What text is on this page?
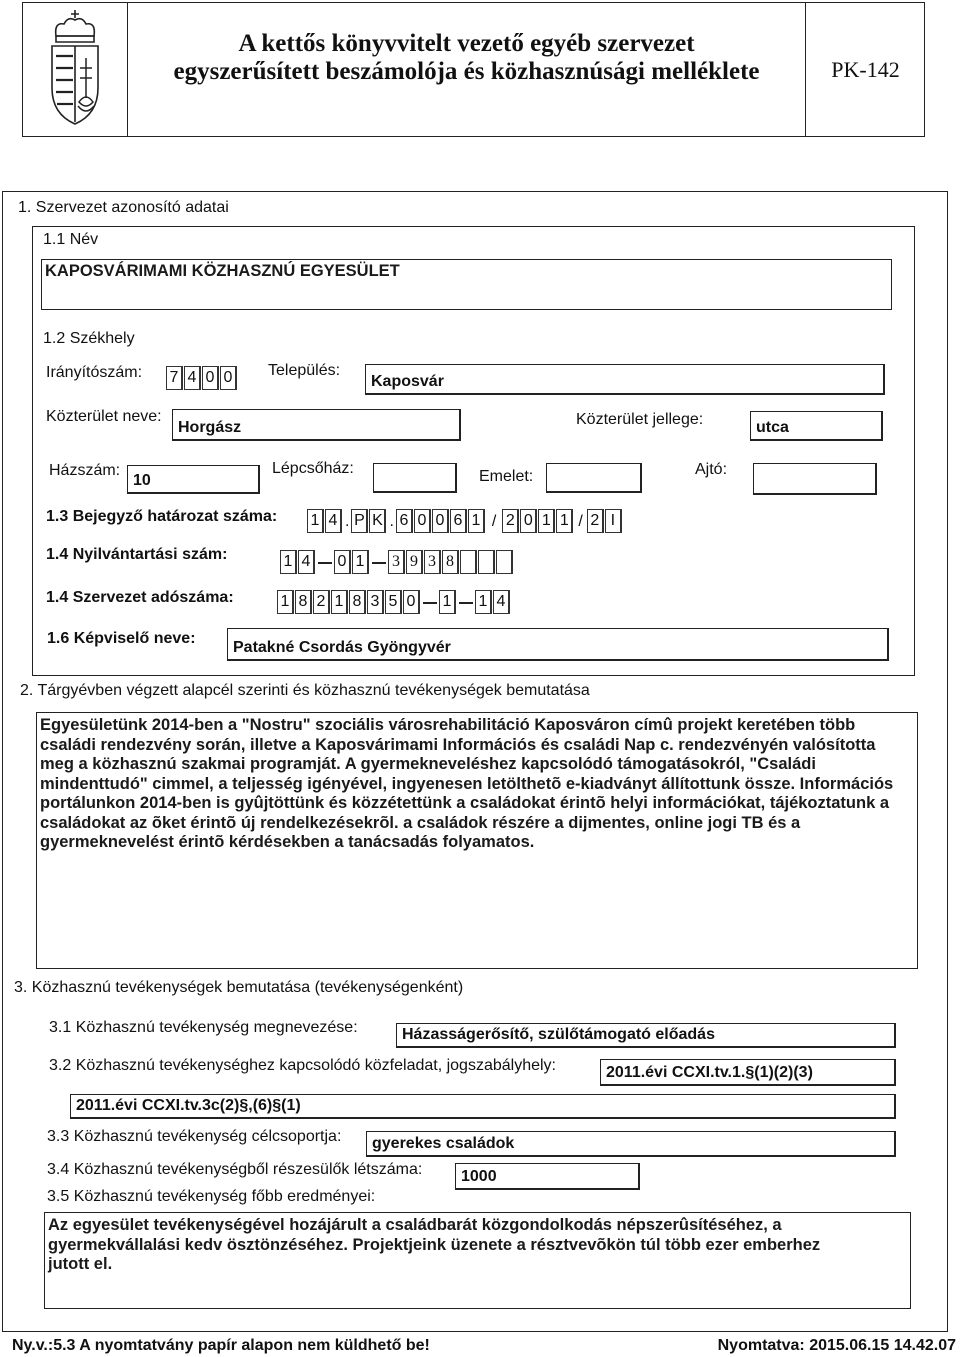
A kettős könyvvitelt vezető egyéb szervezet
egyszerűsített beszámolója és közhasznúsági melléklete	PK-142
1. Szervezet azonosító adatai
1.1 Név
KAPOSVÁRIMAMI KÖZHASZNÚ EGYESÜLET
1.2 Székhely
Irányítószám: 7 4 0 0 Település:
Kaposvár
Közterület neve:
Horgász	Közterület jellege:	utca
Házszám:
10
Lépcsőház:	Emelet:	Ajtó:
1.3 Bejegyző határozat száma: 1 4 . P K . 6 0 0 6 1 / 2 0 1 1 / 2 I
1.4 Nyilvántartási szám:	1 4 0 1 3 9 3 8
1.4 Szervezet adószáma:	1 8 2 1 8 3 5 0 1 1 4
1.6 Képviselő neve:
Patakné Csordás Gyöngyvér
2. Tárgyévben végzett alapcél szerinti és közhasznú tevékenységek bemutatása
Egyesületünk 2014-ben a "Nostru" szociális városrehabilitáció Kaposváron címû projekt keretében több
családi rendezvény során, illetve a Kaposvárimami Információs és családi Nap c. rendezvényén valósította
meg a közhasznú szakmai programját. A gyermekneveléshez kapcsolódó támogatásokról, "Családi
mindenttudó" cimmel, a teljesség igényével, ingyenesen letölthetõ e-kiadványt állítottunk össze. Információs
portálunkon 2014-ben is gyûjtöttünk és közzétettünk a családokat érintõ helyi információkat, tájékoztatunk a
családokat az õket érintõ új rendelkezésekrõl. a családok részére a dijmentes, online jogi TB és a
gyermeknevelést érintõ kérdésekben a tanácsadás folyamatos.
3. Közhasznú tevékenységek bemutatása (tevékenységenként)
3.1 Közhasznú tevékenység megnevezése:	Házasságerősítő, szülőtámogató előadás
3.2 Közhasznú tevékenységhez kapcsolódó közfeladat, jogszabályhely:	2011.évi CCXI.tv.1.§(1)(2)(3)
2011.évi CCXI.tv.3c(2)§,(6)§(1)
3.3 Közhasznú tevékenység célcsoportja: gyerekes családok
3.4 Közhasznú tevékenységből részesülők létszáma: 1000
3.5 Közhasznú tevékenység főbb eredményei:
Az egyesület tevékenységével hozájárult a családbarát közgondolkodás népszerûsítéséhez, a
gyermekvállalási kedv ösztönzéséhez. Projektjeink üzenete a résztvevõkön túl több ezer emberhez
jutott el.
Ny.v.:5.3 A nyomtatvány papír alapon nem küldhető be!	Nyomtatva: 2015.06.15 14.42.07
